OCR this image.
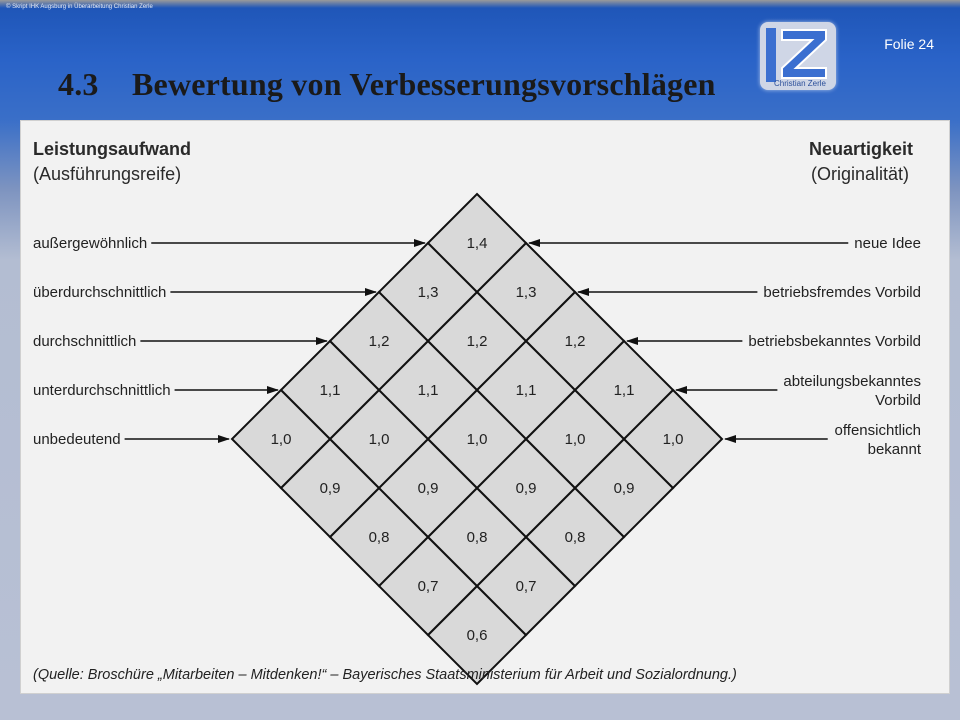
© Skript IHK Augsburg in Überarbeitung Christian Zerle
Folie 24
Christian Zerle
4.3 Bewertung von Verbesserungsvorschlägen
Leistungsaufwand
(Ausführungsreife)
Neuartigkeit
(Originalität)
0,6
0,7
0,8
0,9
1,0
0,7
0,8
0,9
1,0
1,1
0,8
0,9
1,0
1,1
1,2
0,9
1,0
1,1
1,2
1,3
1,0
1,1
1,2
1,3
1,4
außergewöhnlich
überdurchschnittlich
durchschnittlich
unterdurchschnittlich
unbedeutend
neue Idee
betriebsfremdes Vorbild
betriebsbekanntes Vorbild
abteilungsbekanntes Vorbild
offensichtlich bekannt
(Quelle: Broschüre „Mitarbeiten – Mitdenken!“ – Bayerisches Staatsministerium für Arbeit und Sozialordnung.)
